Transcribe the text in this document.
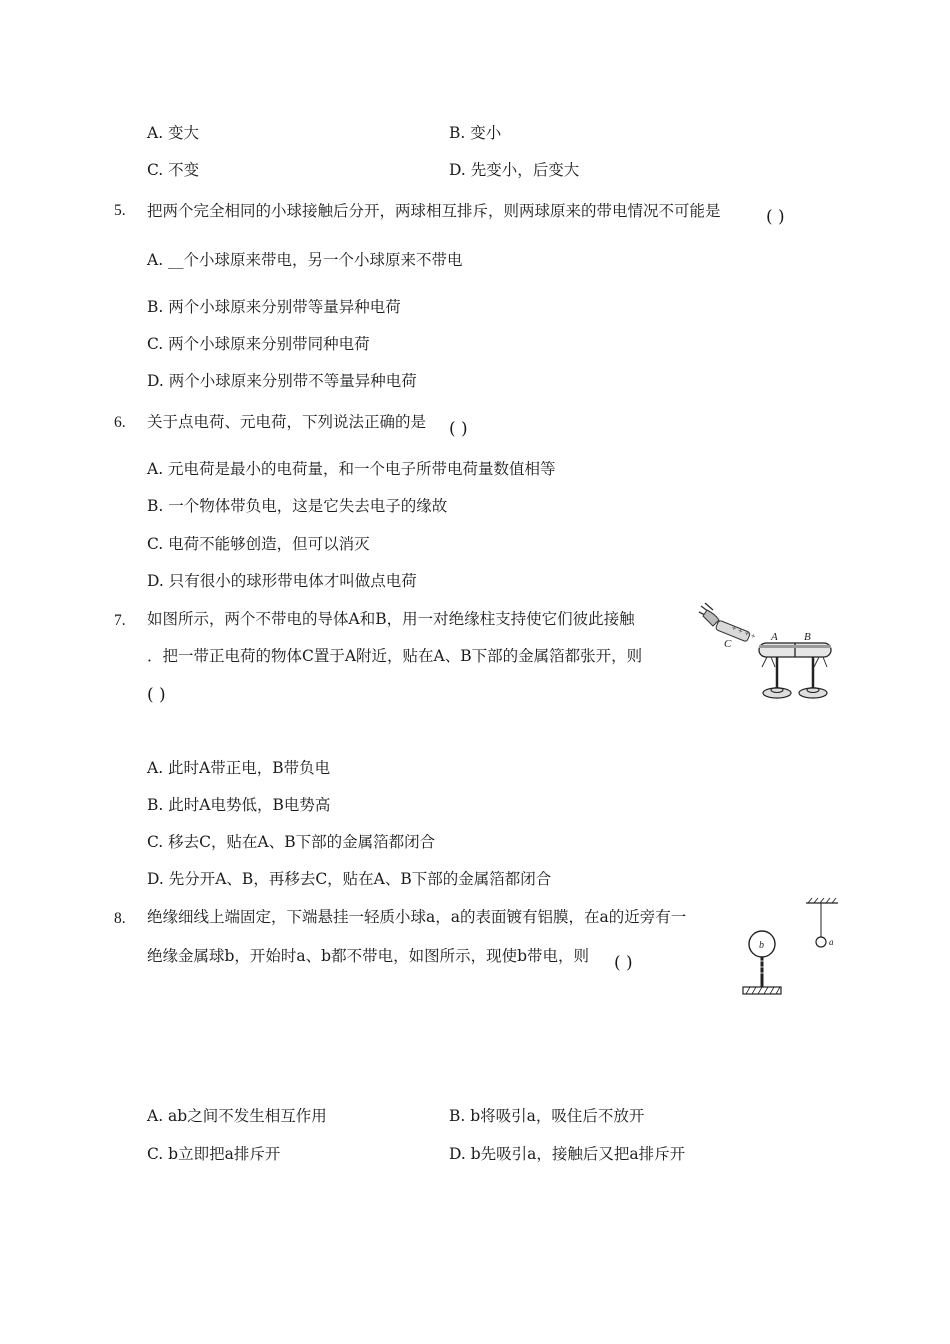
A. 变大	B. 变小
C. 不变	D. 先变小，后变大
5. 把两个完全相同的小球接触后分开，两球相互排斥，则两球原来的带电情况不可能是	( )
A. __个小球原来带电，另一个小球原来不带电
B. 两个小球原来分别带等量异种电荷
C. 两个小球原来分别带同种电荷
D. 两个小球原来分别带不等量异种电荷
6. 关于点电荷、元电荷，下列说法正确的是 ( )
A. 元电荷是最小的电荷量，和一个电子所带电荷量数值相等
B. 一个物体带负电，这是它失去电子的缘故
C. 电荷不能够创造，但可以消灭
D. 只有很小的球形带电体才叫做点电荷
7. 如图所示，两个不带电的导体A和B，用一对绝缘柱支持使它们彼此接触
．把一带正电荷的物体C置于A附近，贴在A、B下部的金属箔都张开，则
( )
+ + + +
C
A B
A. 此时A带正电，B带负电
B. 此时A电势低，B电势高
C. 移去C，贴在A、B下部的金属箔都闭合
D. 先分开A、B，再移去C，贴在A、B下部的金属箔都闭合
8. 绝缘细线上端固定，下端悬挂一轻质小球a，a的表面镀有铝膜，在a的近旁有一
绝缘金属球b，开始时a、b都不带电，如图所示，现使b带电，则 ( )
a
b
A. ab之间不发生相互作用	B. b将吸引a，吸住后不放开
C. b立即把a排斥开	D. b先吸引a，接触后又把a排斥开
